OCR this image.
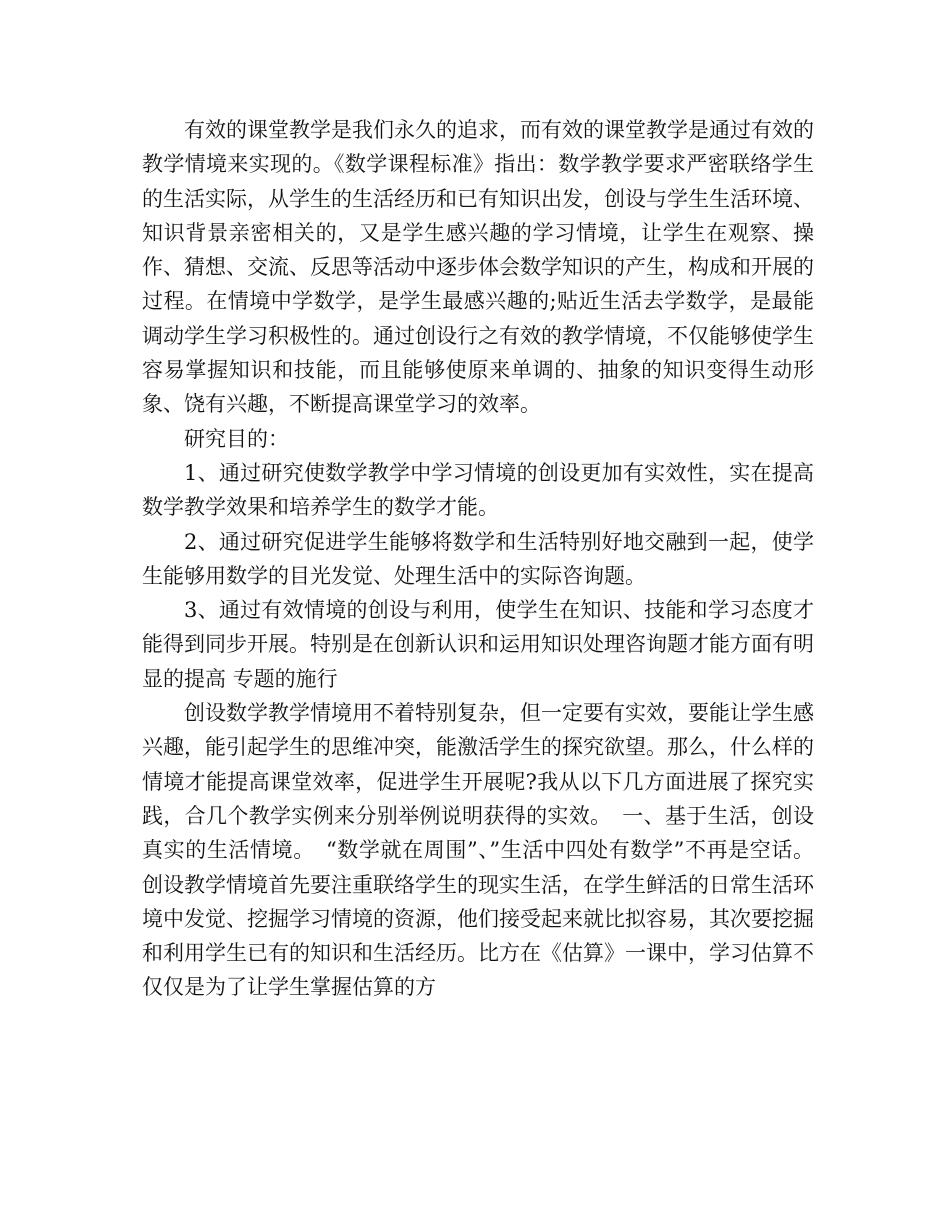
有效的课堂教学是我们永久的追求，而有效的课堂教学是通过有效的教学情境来实现的。《数学课程标准》指出：数学教学要求严密联络学生的生活实际，从学生的生活经历和已有知识出发，创设与学生生活环境、知识背景亲密相关的，又是学生感兴趣的学习情境，让学生在观察、操作、猜想、交流、反思等活动中逐步体会数学知识的产生，构成和开展的过程。在情境中学数学，是学生最感兴趣的;贴近生活去学数学，是最能调动学生学习积极性的。通过创设行之有效的教学情境，不仅能够使学生容易掌握知识和技能，而且能够使原来单调的、抽象的知识变得生动形象、饶有兴趣，不断提高课堂学习的效率。

研究目的：

1、通过研究使数学教学中学习情境的创设更加有实效性，实在提高数学教学效果和培养学生的数学才能。

2、通过研究促进学生能够将数学和生活特别好地交融到一起，使学生能够用数学的目光发觉、处理生活中的实际咨询题。

3、通过有效情境的创设与利用，使学生在知识、技能和学习态度才能得到同步开展。特别是在创新认识和运用知识处理咨询题才能方面有明显的提高 专题的施行

创设数学教学情境用不着特别复杂，但一定要有实效，要能让学生感兴趣，能引起学生的思维冲突，能激活学生的探究欲望。那么，什么样的情境才能提高课堂效率，促进学生开展呢?我从以下几方面进展了探究实践，合几个教学实例来分别举例说明获得的实效。　一、基于生活，创设真实的生活情境。　“数学就在周围”、”生活中四处有数学”不再是空话。创设教学情境首先要注重联络学生的现实生活，在学生鲜活的日常生活环境中发觉、挖掘学习情境的资源，他们接受起来就比拟容易，其次要挖掘和利用学生已有的知识和生活经历。比方在《估算》一课中，学习估算不仅仅是为了让学生掌握估算的方
